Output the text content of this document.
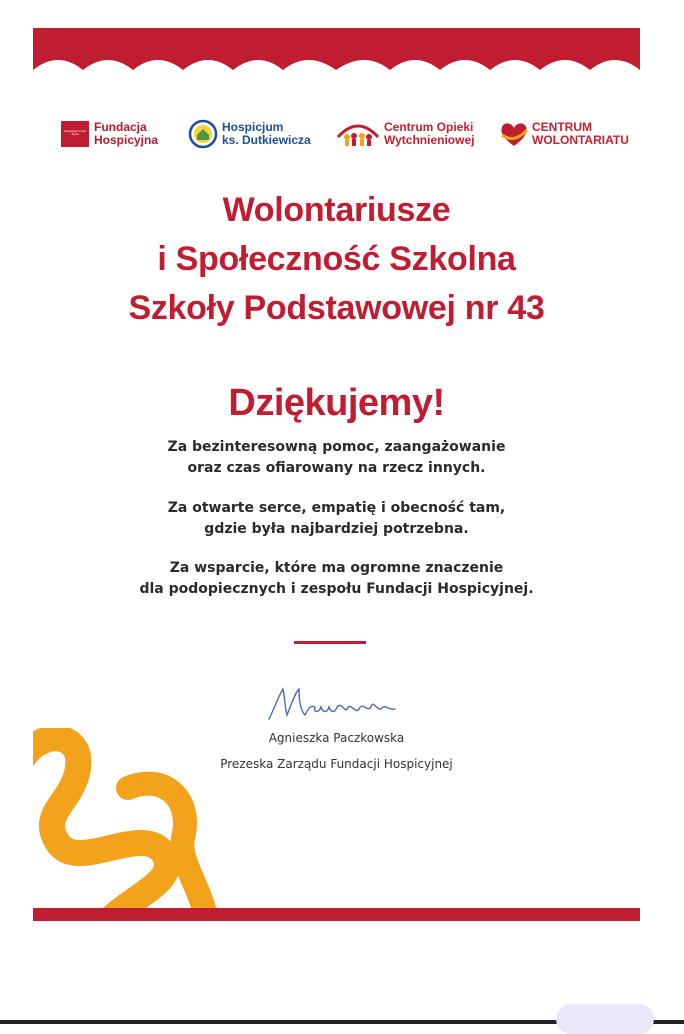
Hospicjum to też Życie	Fundacja
Hospicyjna
Hospicjum
ks. Dutkiewicza
Centrum Opieki
Wytchnieniowej
CENTRUM
WOLONTARIATU
Wolontariusze
i Społeczność Szkolna
Szkoły Podstawowej nr 43
Dziękujemy!
Za bezinteresowną pomoc, zaangażowanie
oraz czas ofiarowany na rzecz innych.
Za otwarte serce, empatię i obecność tam,
gdzie była najbardziej potrzebna.
Za wsparcie, które ma ogromne znaczenie
dla podopiecznych i zespołu Fundacji Hospicyjnej.
Agnieszka Paczkowska
Prezeska Zarządu Fundacji Hospicyjnej
